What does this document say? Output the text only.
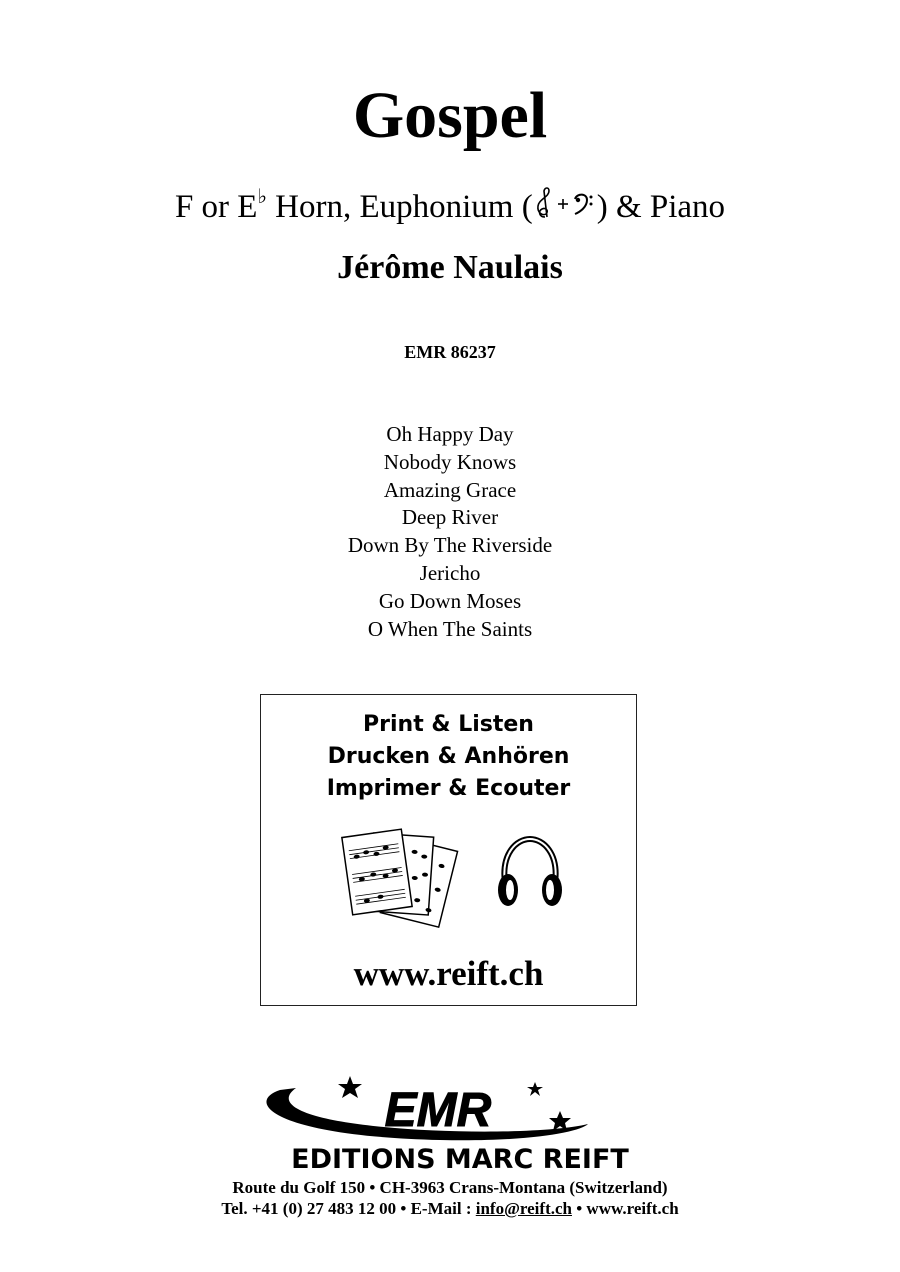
Gospel
F or E♭ Horn, Euphonium ( ) & Piano
Jérôme Naulais
EMR 86237
Oh Happy Day
Nobody Knows
Amazing Grace
Deep River
Down By The Riverside
Jericho
Go Down Moses
O When The Saints
Print & Listen
Drucken & Anhören
Imprimer & Ecouter
www.reift.ch
EMR
EDITIONS MARC REIFT
Route du Golf 150 • CH-3963 Crans-Montana (Switzerland)
Tel. +41 (0) 27 483 12 00 • E-Mail : info@reift.ch • www.reift.ch
